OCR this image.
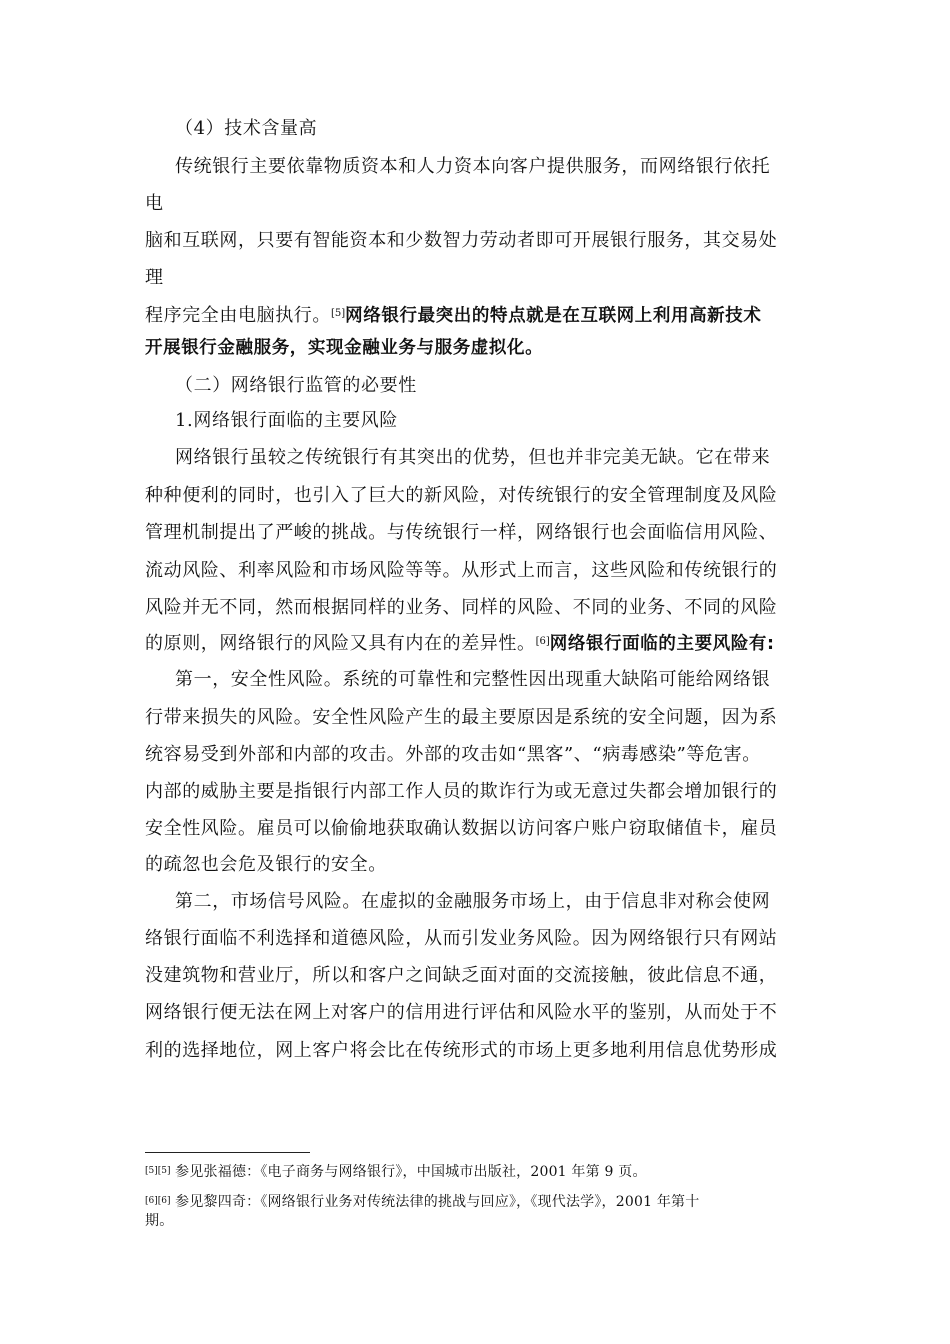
（4）技术含量高
传统银行主要依靠物质资本和人力资本向客户提供服务，而网络银行依托
电
脑和互联网，只要有智能资本和少数智力劳动者即可开展银行服务，其交易处
理
程序完全由电脑执行。[5]网络银行最突出的特点就是在互联网上利用高新技术
开展银行金融服务，实现金融业务与服务虚拟化。
（二）网络银行监管的必要性
1.网络银行面临的主要风险
网络银行虽较之传统银行有其突出的优势，但也并非完美无缺。它在带来
种种便利的同时，也引入了巨大的新风险，对传统银行的安全管理制度及风险
管理机制提出了严峻的挑战。与传统银行一样，网络银行也会面临信用风险、
流动风险、利率风险和市场风险等等。从形式上而言，这些风险和传统银行的
风险并无不同，然而根据同样的业务、同样的风险、不同的业务、不同的风险
的原则，网络银行的风险又具有内在的差异性。[6]网络银行面临的主要风险有:
第一，安全性风险。系统的可靠性和完整性因出现重大缺陷可能给网络银
行带来损失的风险。安全性风险产生的最主要原因是系统的安全问题，因为系
统容易受到外部和内部的攻击。外部的攻击如“黑客”、“病毒感染”等危害。
内部的威胁主要是指银行内部工作人员的欺诈行为或无意过失都会增加银行的
安全性风险。雇员可以偷偷地获取确认数据以访问客户账户窃取储值卡，雇员
的疏忽也会危及银行的安全。
第二，市场信号风险。在虚拟的金融服务市场上，由于信息非对称会使网
络银行面临不利选择和道德风险，从而引发业务风险。因为网络银行只有网站
没建筑物和营业厅，所以和客户之间缺乏面对面的交流接触，彼此信息不通，
网络银行便无法在网上对客户的信用进行评估和风险水平的鉴别，从而处于不
利的选择地位，网上客户将会比在传统形式的市场上更多地利用信息优势形成
[5][5] 参见张福德：《电子商务与网络银行》，中国城市出版社，2001 年第 9 页。
[6][6] 参见黎四奇：《网络银行业务对传统法律的挑战与回应》，《现代法学》，2001 年第十
期。
